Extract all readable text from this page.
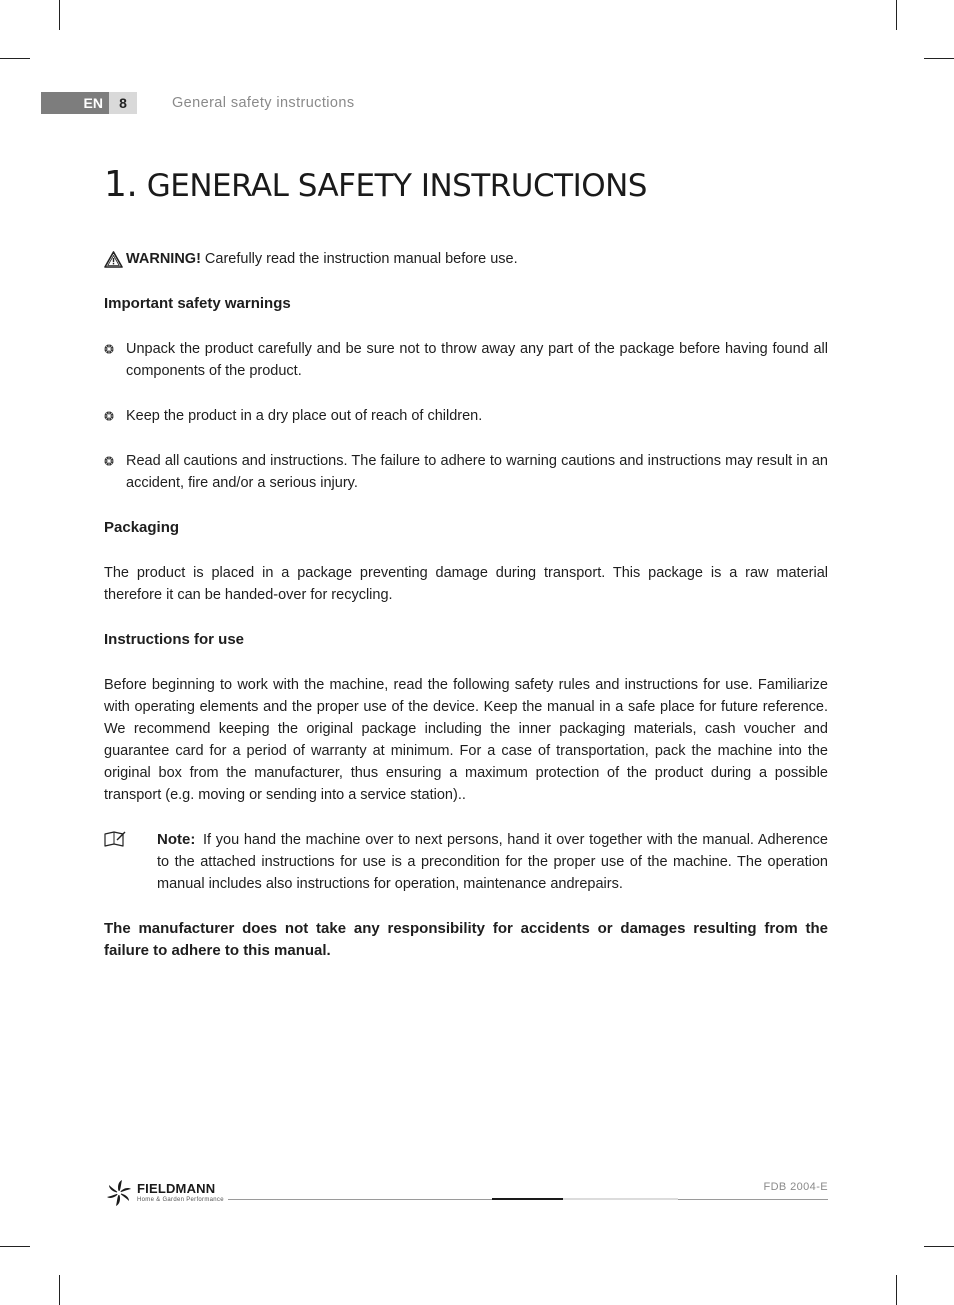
EN	8	General safety instructions
1. GENERAL SAFETY INSTRUCTIONS
WARNING! Carefully read the instruction manual before use.
Important safety warnings
Unpack the product carefully and be sure not to throw away any part of the package before having found all components of the product.
Keep the product in a dry place out of reach of children.
Read all cautions and instructions. The failure to adhere to warning cautions and instructions may result in an accident, fire and/or a serious injury.
Packaging

The product is placed in a package preventing damage during transport. This package is a raw material therefore it can be handed-over for recycling.

Instructions for use

Before beginning to work with the machine, read the following safety rules and instructions for use. Familiarize with operating elements and the proper use of the device. Keep the manual in a safe place for future reference. We recommend keeping the original package including the inner packaging materials, cash voucher and guarantee card for a period of warranty at minimum. For a case of transportation, pack the machine into the original box from the manufacturer, thus ensuring a maximum protection of the product during a possible transport (e.g. moving or sending into a service station)..

Note: If you hand the machine over to next persons, hand it over together with the manual. Adherence to the attached instructions for use is a precondition for the proper use of the machine. The operation manual includes also instructions for operation, maintenance andrepairs.

The manufacturer does not take any responsibility for accidents or damages resulting from the failure to adhere to this manual.

FIELDMANN
Home & Garden Performance
FDB 2004-E
